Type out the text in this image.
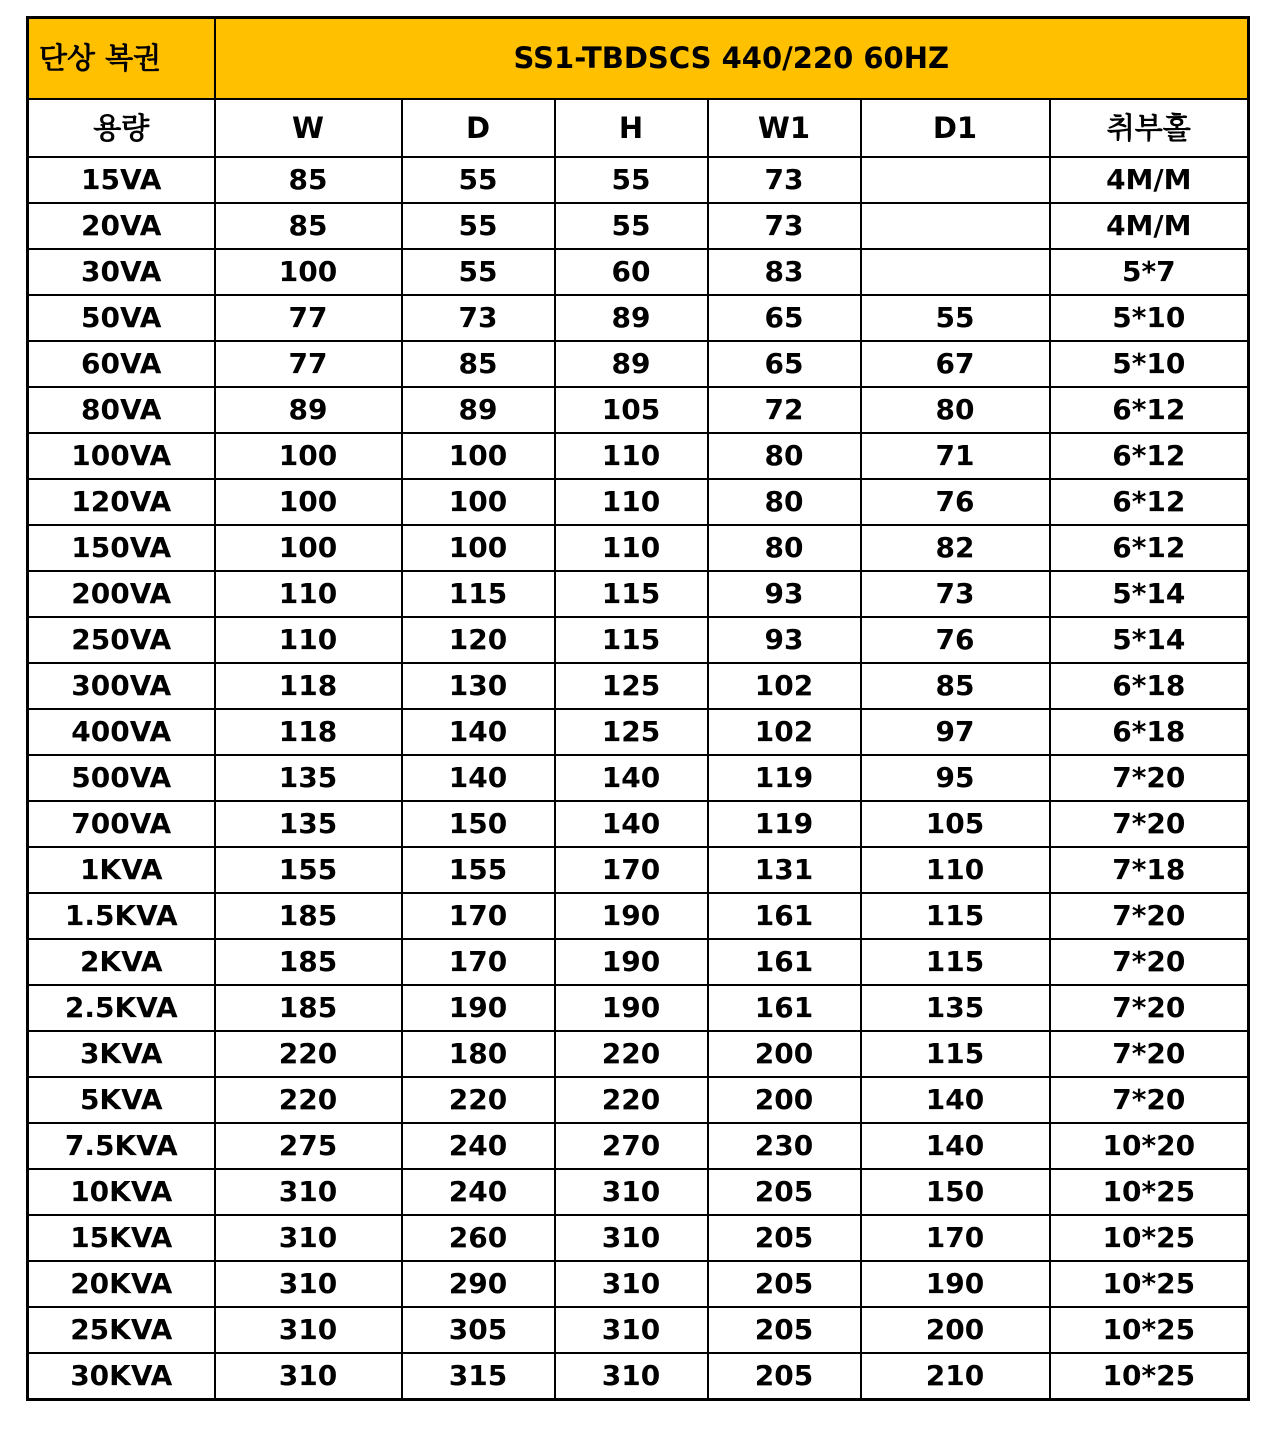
단상 복권	SS1-TBDSCS 440/220 60HZ					
용량	W	D	H	W1	D1	취부홀
15VA	85	55	55	73		4M/M
20VA	85	55	55	73		4M/M
30VA	100	55	60	83		5*7
50VA	77	73	89	65	55	5*10
60VA	77	85	89	65	67	5*10
80VA	89	89	105	72	80	6*12
100VA	100	100	110	80	71	6*12
120VA	100	100	110	80	76	6*12
150VA	100	100	110	80	82	6*12
200VA	110	115	115	93	73	5*14
250VA	110	120	115	93	76	5*14
300VA	118	130	125	102	85	6*18
400VA	118	140	125	102	97	6*18
500VA	135	140	140	119	95	7*20
700VA	135	150	140	119	105	7*20
1KVA	155	155	170	131	110	7*18
1.5KVA	185	170	190	161	115	7*20
2KVA	185	170	190	161	115	7*20
2.5KVA	185	190	190	161	135	7*20
3KVA	220	180	220	200	115	7*20
5KVA	220	220	220	200	140	7*20
7.5KVA	275	240	270	230	140	10*20
10KVA	310	240	310	205	150	10*25
15KVA	310	260	310	205	170	10*25
20KVA	310	290	310	205	190	10*25
25KVA	310	305	310	205	200	10*25
30KVA	310	315	310	205	210	10*25
